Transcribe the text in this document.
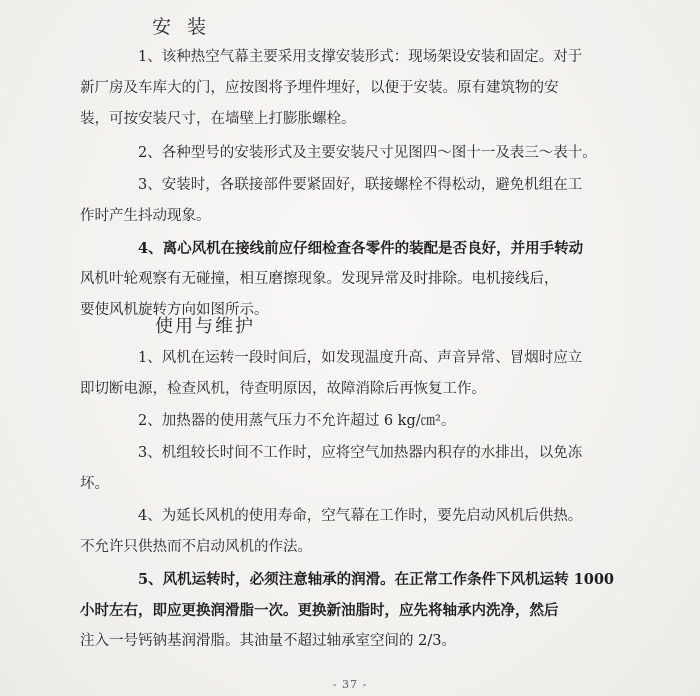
安装

1、该种热空气幕主要采用支撑安装形式：现场架设安装和固定。对于
新厂房及车库大的门，应按图将予埋件埋好，以便于安装。原有建筑物的安
装，可按安装尺寸，在墙壁上打膨胀螺栓。

2、各种型号的安装形式及主要安装尺寸见图四～图十一及表三～表十。

3、安装时，各联接部件要紧固好，联接螺栓不得松动，避免机组在工
作时产生抖动现象。

4、离心风机在接线前应仔细检查各零件的装配是否良好，并用手转动
风机叶轮观察有无碰撞，相互磨擦现象。发现异常及时排除。电机接线后，
要使风机旋转方向如图所示。

使用与维护

1、风机在运转一段时间后，如发现温度升高、声音异常、冒烟时应立
即切断电源，检查风机，待查明原因，故障消除后再恢复工作。

2、加热器的使用蒸气压力不允许超过 6 kg/㎝²。

3、机组较长时间不工作时，应将空气加热器内积存的水排出，以免冻
坏。

4、为延长风机的使用寿命，空气幕在工作时，要先启动风机后供热。
不允许只供热而不启动风机的作法。

5、风机运转时，必须注意轴承的润滑。在正常工作条件下风机运转 1000
小时左右，即应更换润滑脂一次。更换新油脂时，应先将轴承内洗净，然后
注入一号钙钠基润滑脂。其油量不超过轴承室空间的 2/3。

- 37 -
